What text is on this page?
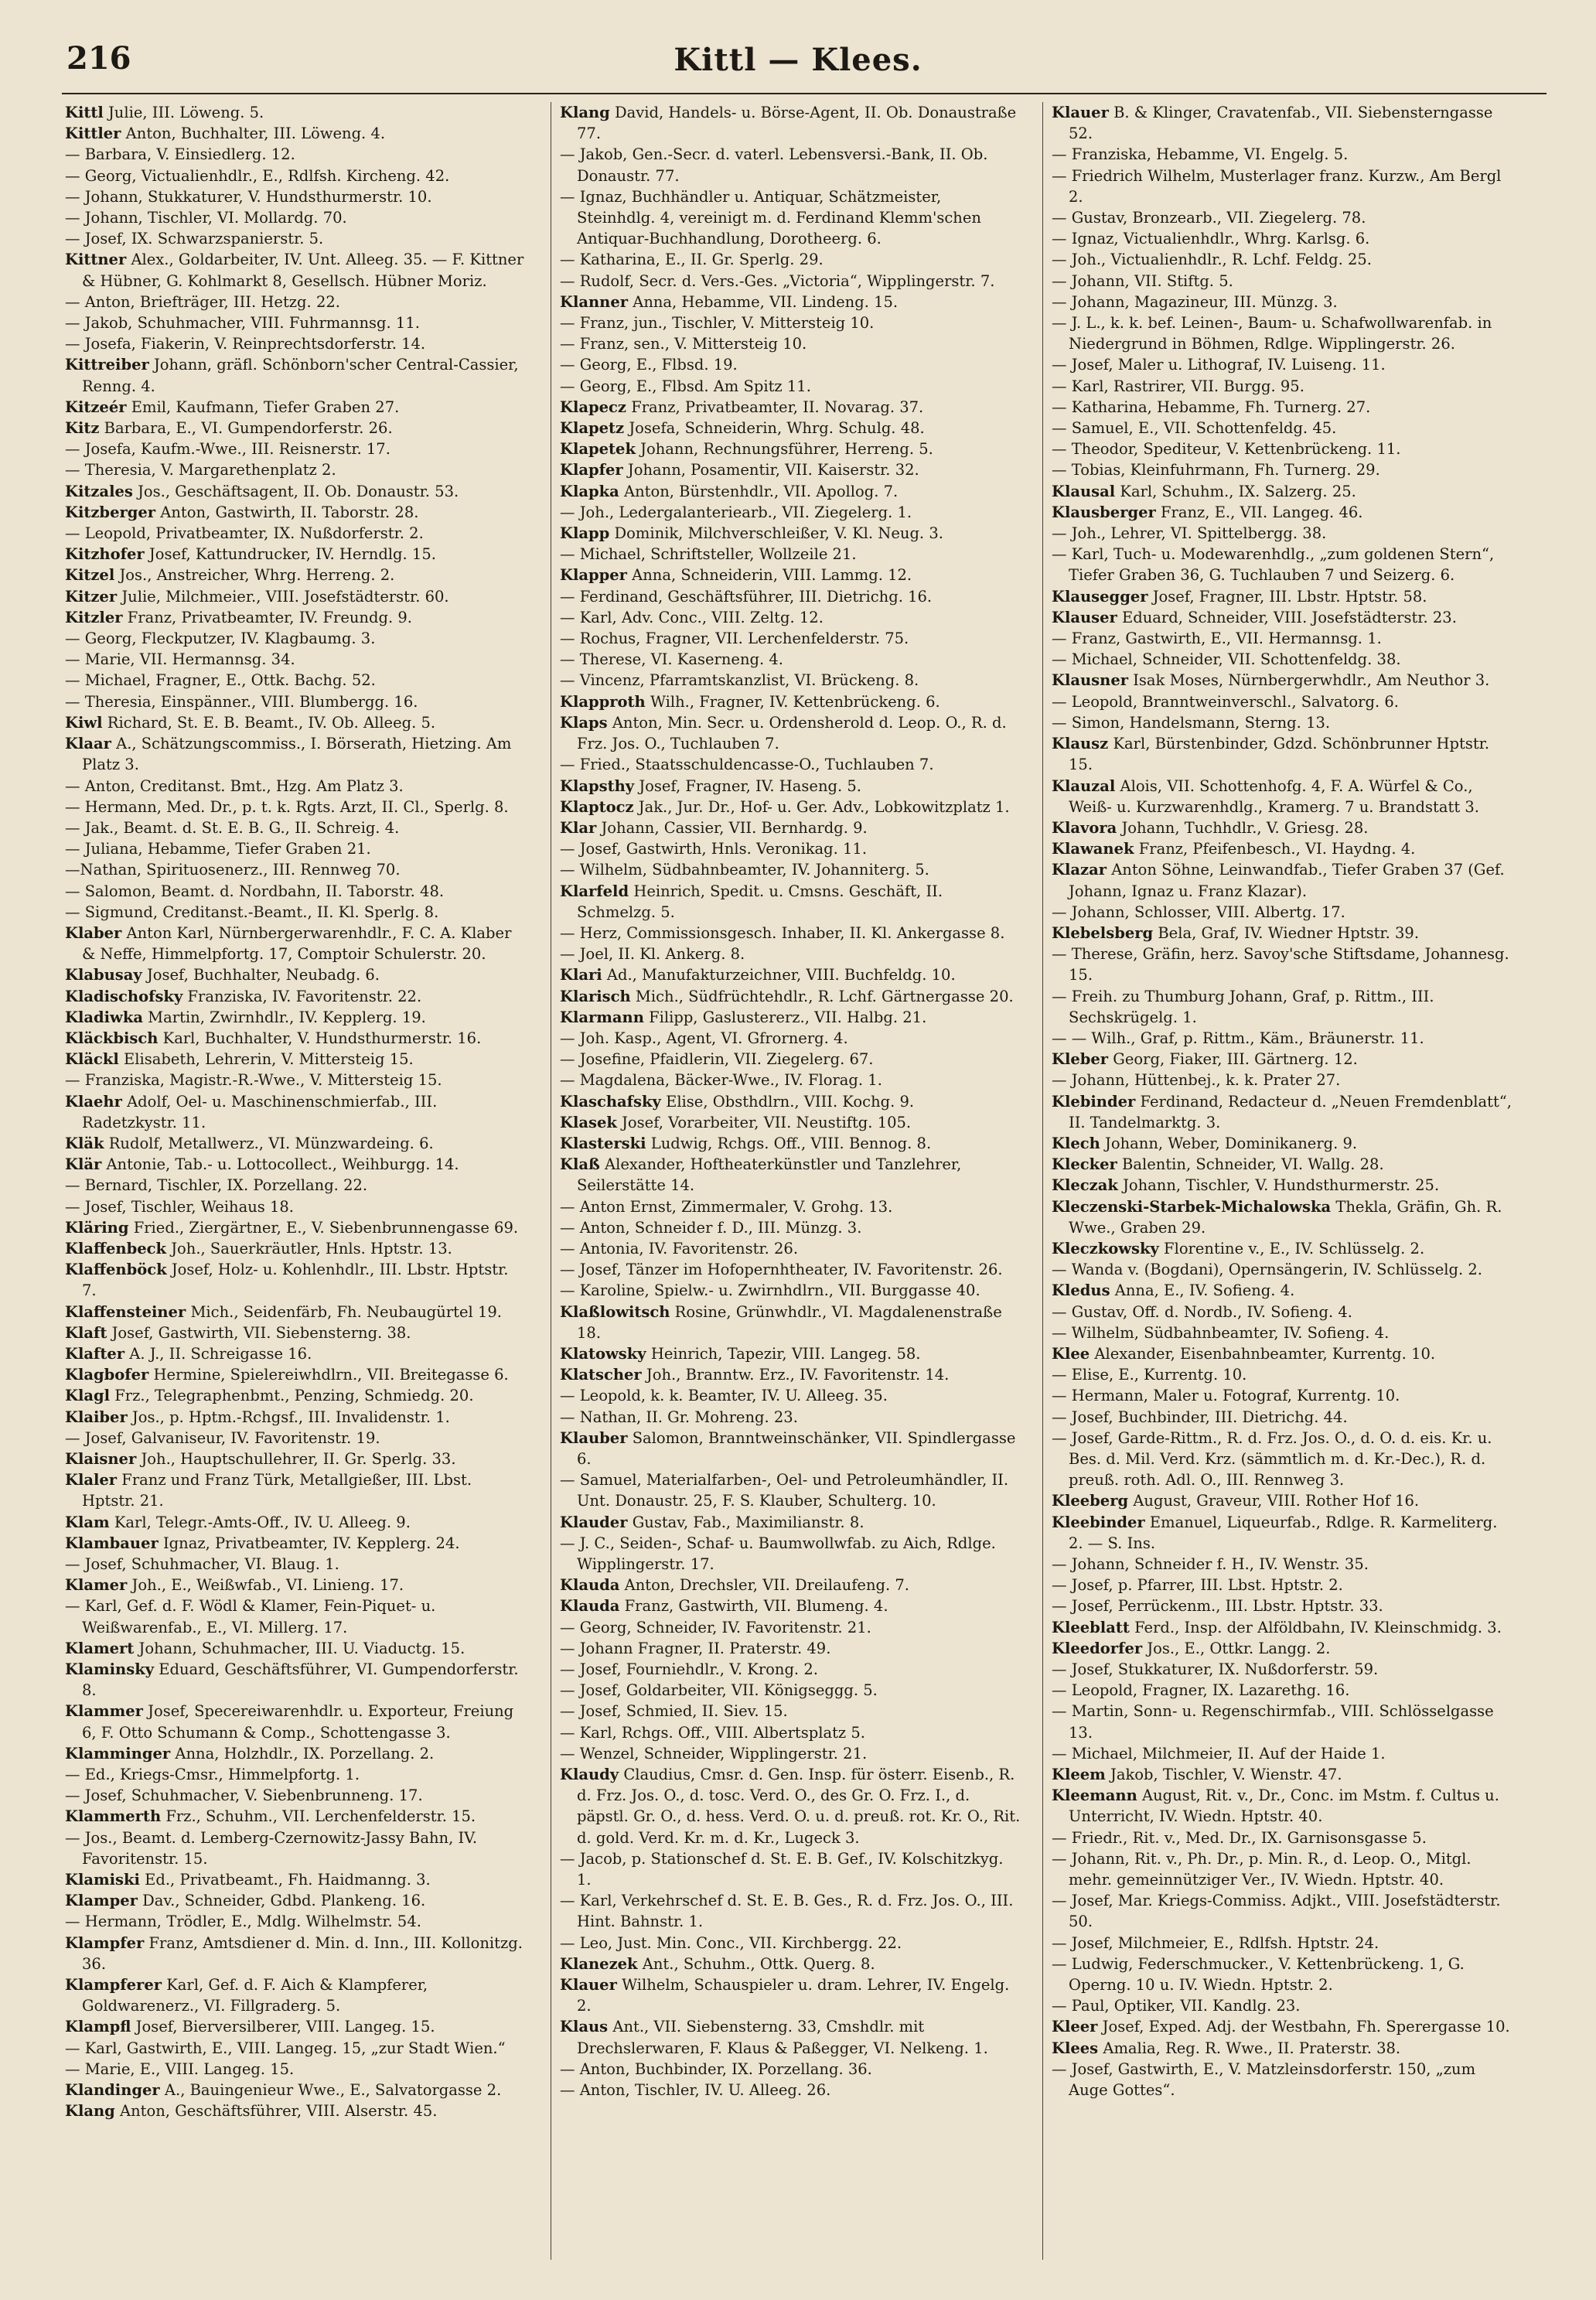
216	Kittl — Klees.

Kittl Julie, III. Löweng. 5.

Kittler Anton, Buchhalter, III. Löweng. 4.

— Barbara, V. Einsiedlerg. 12.

— Georg, Victualienhdlr., E., Rdlfsh. Kircheng. 42.

— Johann, Stukkaturer, V. Hundsthurmerstr. 10.

— Johann, Tischler, VI. Mollardg. 70.

— Josef, IX. Schwarzspanierstr. 5.

Kittner Alex., Goldarbeiter, IV. Unt. Alleeg. 35. — F. Kittner & Hübner, G. Kohlmarkt 8, Gesellsch. Hübner Moriz.

— Anton, Briefträger, III. Hetzg. 22.

— Jakob, Schuhmacher, VIII. Fuhrmannsg. 11.

— Josefa, Fiakerin, V. Reinprechtsdorferstr. 14.

Kittreiber Johann, gräfl. Schönborn'scher Central-Cassier, Renng. 4.

Kitzeér Emil, Kaufmann, Tiefer Graben 27.

Kitz Barbara, E., VI. Gumpendorferstr. 26.

— Josefa, Kaufm.-Wwe., III. Reisnerstr. 17.

— Theresia, V. Margarethenplatz 2.

Kitzales Jos., Geschäftsagent, II. Ob. Donaustr. 53.

Kitzberger Anton, Gastwirth, II. Taborstr. 28.

— Leopold, Privatbeamter, IX. Nußdorferstr. 2.

Kitzhofer Josef, Kattundrucker, IV. Herndlg. 15.

Kitzel Jos., Anstreicher, Whrg. Herreng. 2.

Kitzer Julie, Milchmeier., VIII. Josefstädterstr. 60.

Kitzler Franz, Privatbeamter, IV. Freundg. 9.

— Georg, Fleckputzer, IV. Klagbaumg. 3.

— Marie, VII. Hermannsg. 34.

— Michael, Fragner, E., Ottk. Bachg. 52.

— Theresia, Einspänner., VIII. Blumbergg. 16.

Kiwl Richard, St. E. B. Beamt., IV. Ob. Alleeg. 5.

Klaar A., Schätzungscommiss., I. Börserath, Hietzing. Am Platz 3.

— Anton, Creditanst. Bmt., Hzg. Am Platz 3.

— Hermann, Med. Dr., p. t. k. Rgts. Arzt, II. Cl., Sperlg. 8.

— Jak., Beamt. d. St. E. B. G., II. Schreig. 4.

— Juliana, Hebamme, Tiefer Graben 21.

—Nathan, Spirituosenerz., III. Rennweg 70.

— Salomon, Beamt. d. Nordbahn, II. Taborstr. 48.

— Sigmund, Creditanst.-Beamt., II. Kl. Sperlg. 8.

Klaber Anton Karl, Nürnbergerwarenhdlr., F. C. A. Klaber & Neffe, Himmelpfortg. 17, Comptoir Schulerstr. 20.

Klabusay Josef, Buchhalter, Neubadg. 6.

Kladischofsky Franziska, IV. Favoritenstr. 22.

Kladiwka Martin, Zwirnhdlr., IV. Kepplerg. 19.

Kläckbisch Karl, Buchhalter, V. Hundsthurmerstr. 16.

Kläckl Elisabeth, Lehrerin, V. Mittersteig 15.

— Franziska, Magistr.-R.-Wwe., V. Mittersteig 15.

Klaehr Adolf, Oel- u. Maschinenschmierfab., III. Radetzkystr. 11.

Kläk Rudolf, Metallwerz., VI. Münzwardeing. 6.

Klär Antonie, Tab.- u. Lottocollect., Weihburgg. 14.

— Bernard, Tischler, IX. Porzellang. 22.

— Josef, Tischler, Weihaus 18.

Kläring Fried., Ziergärtner, E., V. Siebenbrunnengasse 69.

Klaffenbeck Joh., Sauerkräutler, Hnls. Hptstr. 13.

Klaffenböck Josef, Holz- u. Kohlenhdlr., III. Lbstr. Hptstr. 7.

Klaffensteiner Mich., Seidenfärb, Fh. Neubaugürtel 19.

Klaft Josef, Gastwirth, VII. Siebensterng. 38.

Klafter A. J., II. Schreigasse 16.

Klagbofer Hermine, Spielereiwhdlrn., VII. Breitegasse 6.

Klagl Frz., Telegraphenbmt., Penzing, Schmiedg. 20.

Klaiber Jos., p. Hptm.-Rchgsf., III. Invalidenstr. 1.

— Josef, Galvaniseur, IV. Favoritenstr. 19.

Klaisner Joh., Hauptschullehrer, II. Gr. Sperlg. 33.

Klaler Franz und Franz Türk, Metallgießer, III. Lbst. Hptstr. 21.

Klam Karl, Telegr.-Amts-Off., IV. U. Alleeg. 9.

Klambauer Ignaz, Privatbeamter, IV. Kepplerg. 24.

— Josef, Schuhmacher, VI. Blaug. 1.

Klamer Joh., E., Weißwfab., VI. Linieng. 17.

— Karl, Gef. d. F. Wödl & Klamer, Fein-Piquet- u. Weißwarenfab., E., VI. Millerg. 17.

Klamert Johann, Schuhmacher, III. U. Viaductg. 15.

Klaminsky Eduard, Geschäftsführer, VI. Gumpendorferstr. 8.

Klammer Josef, Specereiwarenhdlr. u. Exporteur, Freiung 6, F. Otto Schumann & Comp., Schottengasse 3.

Klamminger Anna, Holzhdlr., IX. Porzellang. 2.

— Ed., Kriegs-Cmsr., Himmelpfortg. 1.

— Josef, Schuhmacher, V. Siebenbrunneng. 17.

Klammerth Frz., Schuhm., VII. Lerchenfelderstr. 15.

— Jos., Beamt. d. Lemberg-Czernowitz-Jassy Bahn, IV. Favoritenstr. 15.

Klamiski Ed., Privatbeamt., Fh. Haidmanng. 3.

Klamper Dav., Schneider, Gdbd. Plankeng. 16.

— Hermann, Trödler, E., Mdlg. Wilhelmstr. 54.

Klampfer Franz, Amtsdiener d. Min. d. Inn., III. Kollonitzg. 36.

Klampferer Karl, Gef. d. F. Aich & Klampferer, Goldwarenerz., VI. Fillgraderg. 5.

Klampfl Josef, Bierversilberer, VIII. Langeg. 15.

— Karl, Gastwirth, E., VIII. Langeg. 15, „zur Stadt Wien.“

— Marie, E., VIII. Langeg. 15.

Klandinger A., Bauingenieur Wwe., E., Salvatorgasse 2.

Klang Anton, Geschäftsführer, VIII. Alserstr. 45.

Klang David, Handels- u. Börse-Agent, II. Ob. Donaustraße 77.

— Jakob, Gen.-Secr. d. vaterl. Lebensversi.-Bank, II. Ob. Donaustr. 77.

— Ignaz, Buchhändler u. Antiquar, Schätzmeister, Steinhdlg. 4, vereinigt m. d. Ferdinand Klemm'schen Antiquar-Buchhandlung, Dorotheerg. 6.

— Katharina, E., II. Gr. Sperlg. 29.

— Rudolf, Secr. d. Vers.-Ges. „Victoria“, Wipplingerstr. 7.

Klanner Anna, Hebamme, VII. Lindeng. 15.

— Franz, jun., Tischler, V. Mittersteig 10.

— Franz, sen., V. Mittersteig 10.

— Georg, E., Flbsd. 19.

— Georg, E., Flbsd. Am Spitz 11.

Klapecz Franz, Privatbeamter, II. Novarag. 37.

Klapetz Josefa, Schneiderin, Whrg. Schulg. 48.

Klapetek Johann, Rechnungsführer, Herreng. 5.

Klapfer Johann, Posamentir, VII. Kaiserstr. 32.

Klapka Anton, Bürstenhdlr., VII. Apollog. 7.

— Joh., Ledergalanteriearb., VII. Ziegelerg. 1.

Klapp Dominik, Milchverschleißer, V. Kl. Neug. 3.

— Michael, Schriftsteller, Wollzeile 21.

Klapper Anna, Schneiderin, VIII. Lammg. 12.

— Ferdinand, Geschäftsführer, III. Dietrichg. 16.

— Karl, Adv. Conc., VIII. Zeltg. 12.

— Rochus, Fragner, VII. Lerchenfelderstr. 75.

— Therese, VI. Kaserneng. 4.

— Vincenz, Pfarramtskanzlist, VI. Brückeng. 8.

Klapproth Wilh., Fragner, IV. Kettenbrückeng. 6.

Klaps Anton, Min. Secr. u. Ordensherold d. Leop. O., R. d. Frz. Jos. O., Tuchlauben 7.

— Fried., Staatsschuldencasse-O., Tuchlauben 7.

Klapsthy Josef, Fragner, IV. Haseng. 5.

Klaptocz Jak., Jur. Dr., Hof- u. Ger. Adv., Lobkowitzplatz 1.

Klar Johann, Cassier, VII. Bernhardg. 9.

— Josef, Gastwirth, Hnls. Veronikag. 11.

— Wilhelm, Südbahnbeamter, IV. Johanniterg. 5.

Klarfeld Heinrich, Spedit. u. Cmsns. Geschäft, II. Schmelzg. 5.

— Herz, Commissionsgesch. Inhaber, II. Kl. Ankergasse 8.

— Joel, II. Kl. Ankerg. 8.

Klari Ad., Manufakturzeichner, VIII. Buchfeldg. 10.

Klarisch Mich., Südfrüchtehdlr., R. Lchf. Gärtnergasse 20.

Klarmann Filipp, Gaslustererz., VII. Halbg. 21.

— Joh. Kasp., Agent, VI. Gfrornerg. 4.

— Josefine, Pfaidlerin, VII. Ziegelerg. 67.

— Magdalena, Bäcker-Wwe., IV. Florag. 1.

Klaschafsky Elise, Obsthdlrn., VIII. Kochg. 9.

Klasek Josef, Vorarbeiter, VII. Neustiftg. 105.

Klasterski Ludwig, Rchgs. Off., VIII. Bennog. 8.

Klaß Alexander, Hoftheaterkünstler und Tanzlehrer, Seilerstätte 14.

— Anton Ernst, Zimmermaler, V. Grohg. 13.

— Anton, Schneider f. D., III. Münzg. 3.

— Antonia, IV. Favoritenstr. 26.

— Josef, Tänzer im Hofopernhtheater, IV. Favoritenstr. 26.

— Karoline, Spielw.- u. Zwirnhdlrn., VII. Burggasse 40.

Klaßlowitsch Rosine, Grünwhdlr., VI. Magdalenenstraße 18.

Klatowsky Heinrich, Tapezir, VIII. Langeg. 58.

Klatscher Joh., Branntw. Erz., IV. Favoritenstr. 14.

— Leopold, k. k. Beamter, IV. U. Alleeg. 35.

— Nathan, II. Gr. Mohreng. 23.

Klauber Salomon, Branntweinschänker, VII. Spindlergasse 6.

— Samuel, Materialfarben-, Oel- und Petroleumhändler, II. Unt. Donaustr. 25, F. S. Klauber, Schulterg. 10.

Klauder Gustav, Fab., Maximilianstr. 8.

— J. C., Seiden-, Schaf- u. Baumwollwfab. zu Aich, Rdlge. Wipplingerstr. 17.

Klauda Anton, Drechsler, VII. Dreilaufeng. 7.

Klauda Franz, Gastwirth, VII. Blumeng. 4.

— Georg, Schneider, IV. Favoritenstr. 21.

— Johann Fragner, II. Praterstr. 49.

— Josef, Fourniehdlr., V. Krong. 2.

— Josef, Goldarbeiter, VII. Königseggg. 5.

— Josef, Schmied, II. Siev. 15.

— Karl, Rchgs. Off., VIII. Albertsplatz 5.

— Wenzel, Schneider, Wipplingerstr. 21.

Klaudy Claudius, Cmsr. d. Gen. Insp. für österr. Eisenb., R. d. Frz. Jos. O., d. tosc. Verd. O., des Gr. O. Frz. I., d. päpstl. Gr. O., d. hess. Verd. O. u. d. preuß. rot. Kr. O., Rit. d. gold. Verd. Kr. m. d. Kr., Lugeck 3.

— Jacob, p. Stationschef d. St. E. B. Gef., IV. Kolschitzkyg. 1.

— Karl, Verkehrschef d. St. E. B. Ges., R. d. Frz. Jos. O., III. Hint. Bahnstr. 1.

— Leo, Just. Min. Conc., VII. Kirchbergg. 22.

Klanezek Ant., Schuhm., Ottk. Querg. 8.

Klauer Wilhelm, Schauspieler u. dram. Lehrer, IV. Engelg. 2.

Klaus Ant., VII. Siebensterng. 33, Cmshdlr. mit Drechslerwaren, F. Klaus & Paßegger, VI. Nelkeng. 1.

— Anton, Buchbinder, IX. Porzellang. 36.

— Anton, Tischler, IV. U. Alleeg. 26.

Klauer B. & Klinger, Cravatenfab., VII. Siebensterngasse 52.

— Franziska, Hebamme, VI. Engelg. 5.

— Friedrich Wilhelm, Musterlager franz. Kurzw., Am Bergl 2.

— Gustav, Bronzearb., VII. Ziegelerg. 78.

— Ignaz, Victualienhdlr., Whrg. Karlsg. 6.

— Joh., Victualienhdlr., R. Lchf. Feldg. 25.

— Johann, VII. Stiftg. 5.

— Johann, Magazineur, III. Münzg. 3.

— J. L., k. k. bef. Leinen-, Baum- u. Schafwollwarenfab. in Niedergrund in Böhmen, Rdlge. Wipplingerstr. 26.

— Josef, Maler u. Lithograf, IV. Luiseng. 11.

— Karl, Rastrirer, VII. Burgg. 95.

— Katharina, Hebamme, Fh. Turnerg. 27.

— Samuel, E., VII. Schottenfeldg. 45.

— Theodor, Spediteur, V. Kettenbrückeng. 11.

— Tobias, Kleinfuhrmann, Fh. Turnerg. 29.

Klausal Karl, Schuhm., IX. Salzerg. 25.

Klausberger Franz, E., VII. Langeg. 46.

— Joh., Lehrer, VI. Spittelbergg. 38.

— Karl, Tuch- u. Modewarenhdlg., „zum goldenen Stern“, Tiefer Graben 36, G. Tuchlauben 7 und Seizerg. 6.

Klausegger Josef, Fragner, III. Lbstr. Hptstr. 58.

Klauser Eduard, Schneider, VIII. Josefstädterstr. 23.

— Franz, Gastwirth, E., VII. Hermannsg. 1.

— Michael, Schneider, VII. Schottenfeldg. 38.

Klausner Isak Moses, Nürnbergerwhdlr., Am Neuthor 3.

— Leopold, Branntweinverschl., Salvatorg. 6.

— Simon, Handelsmann, Sterng. 13.

Klausz Karl, Bürstenbinder, Gdzd. Schönbrunner Hptstr. 15.

Klauzal Alois, VII. Schottenhofg. 4, F. A. Würfel & Co., Weiß- u. Kurzwarenhdlg., Kramerg. 7 u. Brandstatt 3.

Klavora Johann, Tuchhdlr., V. Griesg. 28.

Klawanek Franz, Pfeifenbesch., VI. Haydng. 4.

Klazar Anton Söhne, Leinwandfab., Tiefer Graben 37 (Gef. Johann, Ignaz u. Franz Klazar).

— Johann, Schlosser, VIII. Albertg. 17.

Klebelsberg Bela, Graf, IV. Wiedner Hptstr. 39.

— Therese, Gräfin, herz. Savoy'sche Stiftsdame, Johannesg. 15.

— Freih. zu Thumburg Johann, Graf, p. Rittm., III. Sechskrügelg. 1.

— — Wilh., Graf, p. Rittm., Käm., Bräunerstr. 11.

Kleber Georg, Fiaker, III. Gärtnerg. 12.

— Johann, Hüttenbej., k. k. Prater 27.

Klebinder Ferdinand, Redacteur d. „Neuen Fremdenblatt“, II. Tandelmarktg. 3.

Klech Johann, Weber, Dominikanerg. 9.

Klecker Balentin, Schneider, VI. Wallg. 28.

Kleczak Johann, Tischler, V. Hundsthurmerstr. 25.

Kleczenski-Starbek-Michalowska Thekla, Gräfin, Gh. R. Wwe., Graben 29.

Kleczkowsky Florentine v., E., IV. Schlüsselg. 2.

— Wanda v. (Bogdani), Opernsängerin, IV. Schlüsselg. 2.

Kledus Anna, E., IV. Sofieng. 4.

— Gustav, Off. d. Nordb., IV. Sofieng. 4.

— Wilhelm, Südbahnbeamter, IV. Sofieng. 4.

Klee Alexander, Eisenbahnbeamter, Kurrentg. 10.

— Elise, E., Kurrentg. 10.

— Hermann, Maler u. Fotograf, Kurrentg. 10.

— Josef, Buchbinder, III. Dietrichg. 44.

— Josef, Garde-Rittm., R. d. Frz. Jos. O., d. O. d. eis. Kr. u. Bes. d. Mil. Verd. Krz. (sämmtlich m. d. Kr.-Dec.), R. d. preuß. roth. Adl. O., III. Rennweg 3.

Kleeberg August, Graveur, VIII. Rother Hof 16.

Kleebinder Emanuel, Liqueurfab., Rdlge. R. Karmeliterg. 2. — S. Ins.

— Johann, Schneider f. H., IV. Wenstr. 35.

— Josef, p. Pfarrer, III. Lbst. Hptstr. 2.

— Josef, Perrückenm., III. Lbstr. Hptstr. 33.

Kleeblatt Ferd., Insp. der Alföldbahn, IV. Kleinschmidg. 3.

Kleedorfer Jos., E., Ottkr. Langg. 2.

— Josef, Stukkaturer, IX. Nußdorferstr. 59.

— Leopold, Fragner, IX. Lazarethg. 16.

— Martin, Sonn- u. Regenschirmfab., VIII. Schlösselgasse 13.

— Michael, Milchmeier, II. Auf der Haide 1.

Kleem Jakob, Tischler, V. Wienstr. 47.

Kleemann August, Rit. v., Dr., Conc. im Mstm. f. Cultus u. Unterricht, IV. Wiedn. Hptstr. 40.

— Friedr., Rit. v., Med. Dr., IX. Garnisonsgasse 5.

— Johann, Rit. v., Ph. Dr., p. Min. R., d. Leop. O., Mitgl. mehr. gemeinnütziger Ver., IV. Wiedn. Hptstr. 40.

— Josef, Mar. Kriegs-Commiss. Adjkt., VIII. Josefstädterstr. 50.

— Josef, Milchmeier, E., Rdlfsh. Hptstr. 24.

— Ludwig, Federschmucker., V. Kettenbrückeng. 1, G. Operng. 10 u. IV. Wiedn. Hptstr. 2.

— Paul, Optiker, VII. Kandlg. 23.

Kleer Josef, Exped. Adj. der Westbahn, Fh. Sperergasse 10.

Klees Amalia, Reg. R. Wwe., II. Praterstr. 38.

— Josef, Gastwirth, E., V. Matzleinsdorferstr. 150, „zum Auge Gottes“.
